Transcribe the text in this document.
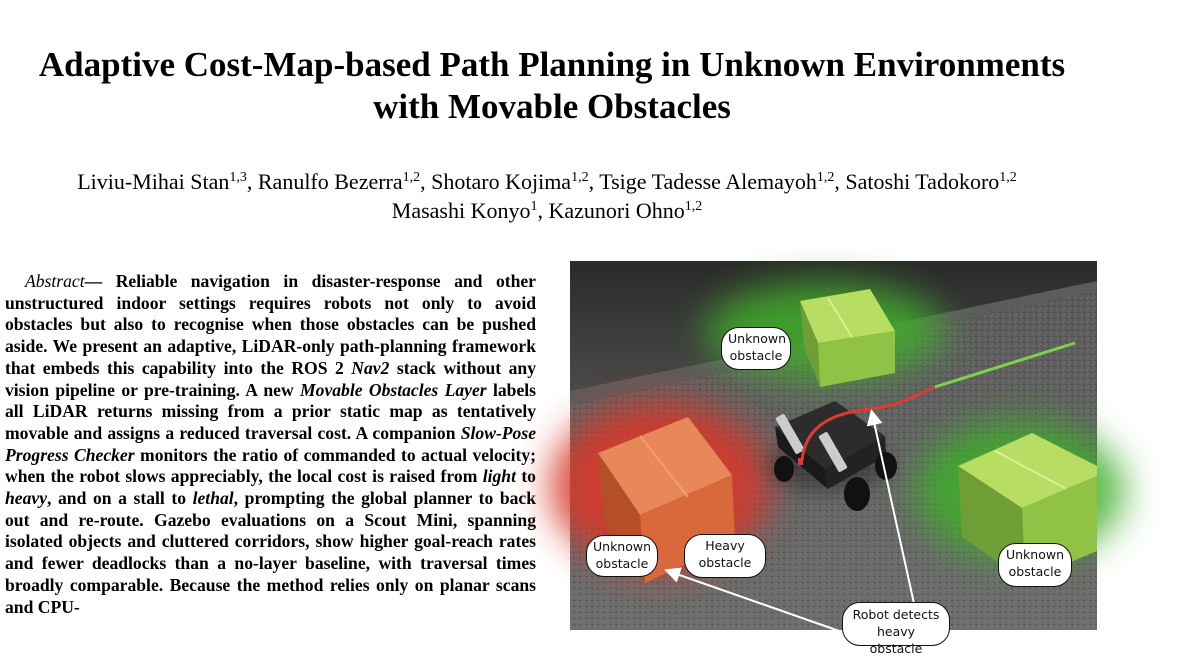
Adaptive Cost-Map-based Path Planning in Unknown Environments
with Movable Obstacles
Liviu-Mihai Stan$^{1,3}$, Ranulfo Bezerra$^{1,2}$, Shotaro Kojima$^{1,2}$, Tsige Tadesse Alemayoh$^{1,2}$, Satoshi Tadokoro$^{1,2}$
Masashi Konyo$^1$, Kazunori Ohno$^{1,2}$
Abstract— Reliable navigation in disaster-response and other unstructured indoor settings requires robots not only to avoid obstacles but also to recognise when those obstacles can be pushed aside. We present an adaptive, LiDAR-only path-planning framework that embeds this capability into the ROS 2 Nav2 stack without any vision pipeline or pre-training. A new Movable Obstacles Layer labels all LiDAR returns missing from a prior static map as tentatively movable and assigns a reduced traversal cost. A companion Slow-Pose Progress Checker monitors the ratio of commanded to actual velocity; when the robot slows appreciably, the local cost is raised from light to heavy, and on a stall to lethal, prompting the global planner to back out and re-route. Gazebo evaluations on a Scout Mini, spanning isolated objects and cluttered corridors, show higher goal-reach rates and fewer deadlocks than a no-layer baseline, with traversal times broadly comparable. Because the method relies only on planar scans and CPU-
Unknown
obstacle
Unknown
obstacle
Heavy
obstacle
Unknown
obstacle
Robot detects
heavy obstacle
